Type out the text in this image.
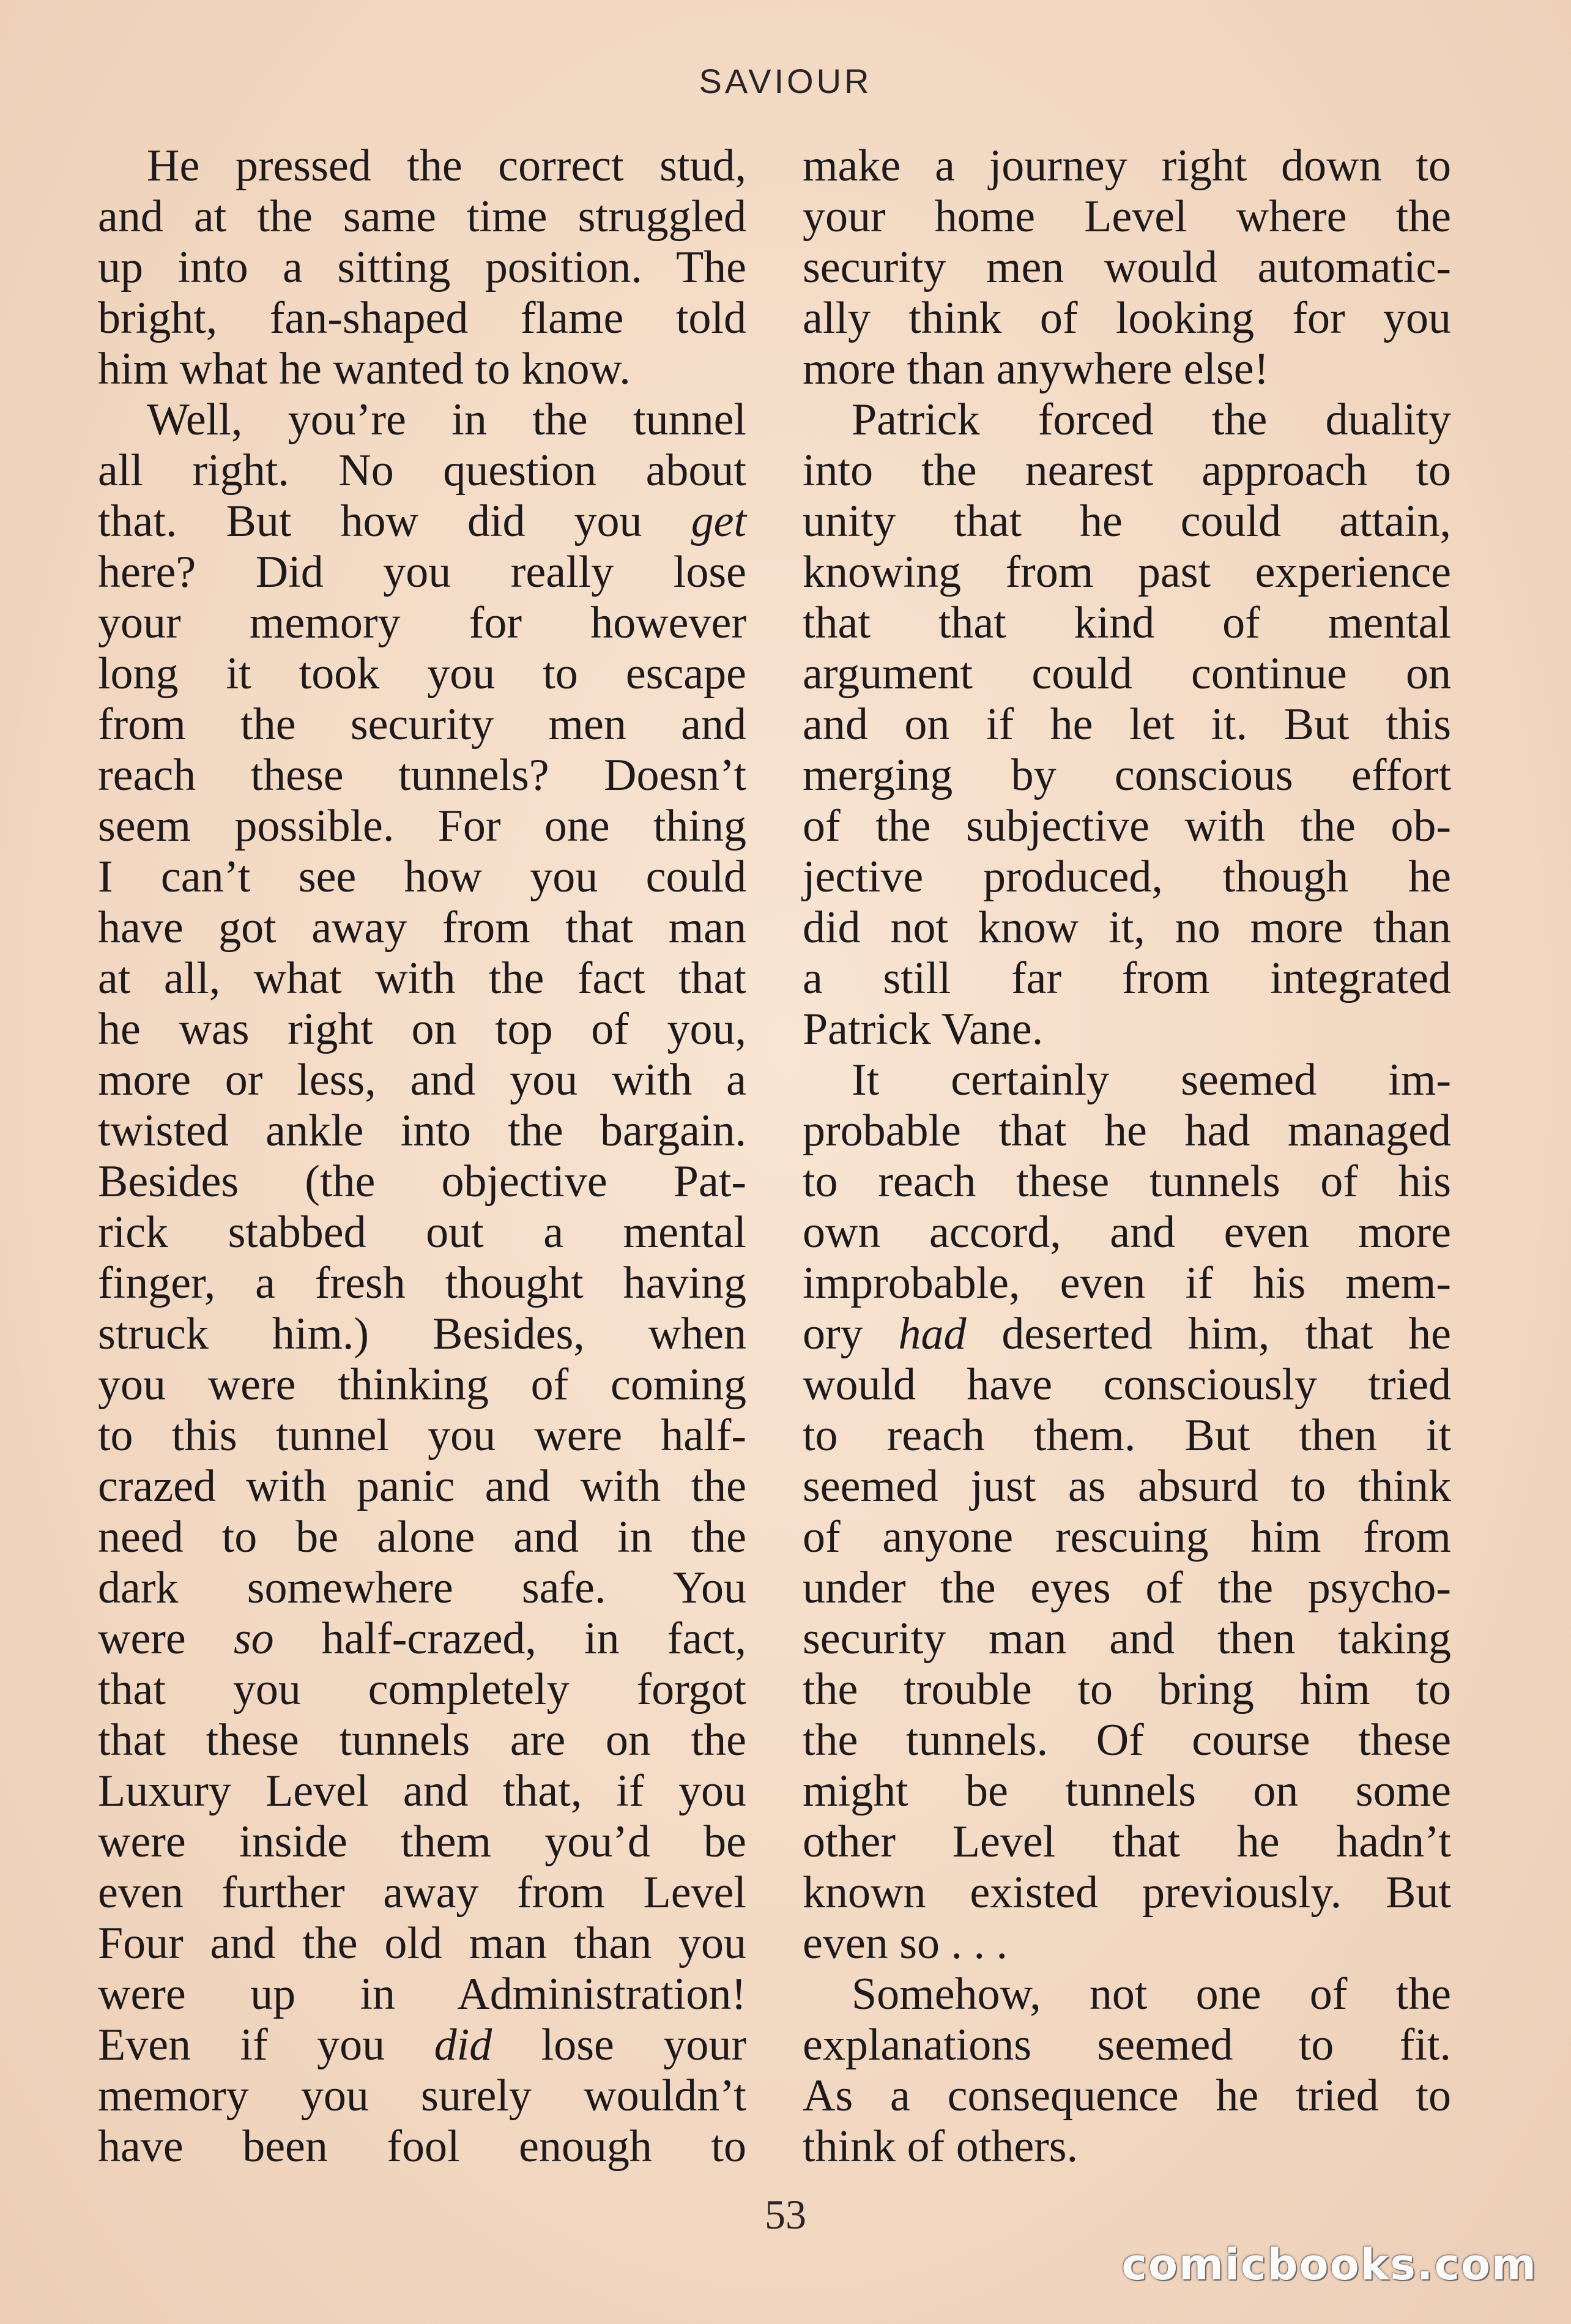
SAVIOUR
He pressed the correct stud,
and at the same time struggled
up into a sitting position. The
bright, fan-shaped flame told
him what he wanted to know.
Well, you’re in the tunnel
all right. No question about
that. But how did you get
here? Did you really lose
your memory for however
long it took you to escape
from the security men and
reach these tunnels? Doesn’t
seem possible. For one thing
I can’t see how you could
have got away from that man
at all, what with the fact that
he was right on top of you,
more or less, and you with a
twisted ankle into the bargain.
Besides (the objective Pat-
rick stabbed out a mental
finger, a fresh thought having
struck him.) Besides, when
you were thinking of coming
to this tunnel you were half-
crazed with panic and with the
need to be alone and in the
dark somewhere safe. You
were so half-crazed, in fact,
that you completely forgot
that these tunnels are on the
Luxury Level and that, if you
were inside them you’d be
even further away from Level
Four and the old man than you
were up in Administration!
Even if you did lose your
memory you surely wouldn’t
have been fool enough to
make a journey right down to
your home Level where the
security men would automatic-
ally think of looking for you
more than anywhere else!
Patrick forced the duality
into the nearest approach to
unity that he could attain,
knowing from past experience
that that kind of mental
argument could continue on
and on if he let it. But this
merging by conscious effort
of the subjective with the ob-
jective produced, though he
did not know it, no more than
a still far from integrated
Patrick Vane.
It certainly seemed im-
probable that he had managed
to reach these tunnels of his
own accord, and even more
improbable, even if his mem-
ory had deserted him, that he
would have consciously tried
to reach them. But then it
seemed just as absurd to think
of anyone rescuing him from
under the eyes of the psycho-
security man and then taking
the trouble to bring him to
the tunnels. Of course these
might be tunnels on some
other Level that he hadn’t
known existed previously. But
even so . . .
Somehow, not one of the
explanations seemed to fit.
As a consequence he tried to
think of others.
53
comicbooks.com
